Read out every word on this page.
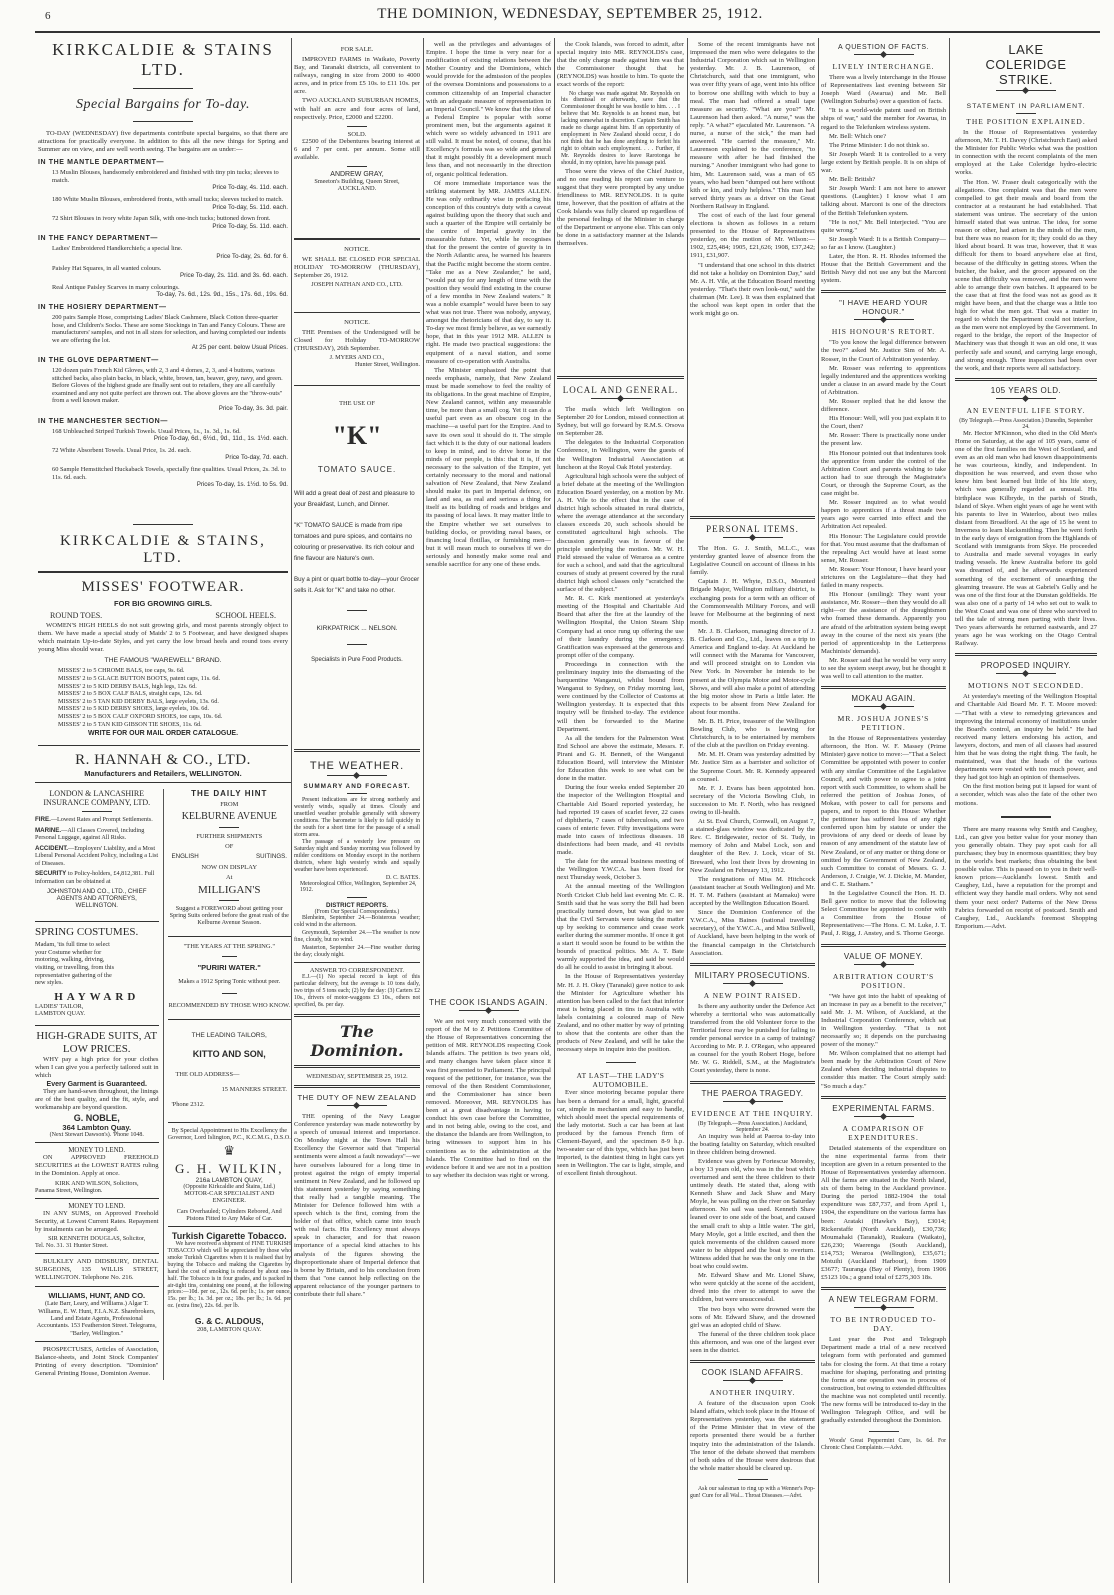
6	THE DOMINION, WEDNESDAY, SEPTEMBER 25, 1912.
KIRKCALDIE & STAINS LTD.
Special Bargains for To-day.

TO-DAY (WEDNESDAY) five departments contribute special bargains, so that there are attractions for practically everyone. In addition to this all the new things for Spring and Summer are on view, and are well worth seeing. The bargains are as under:—

IN THE MANTLE DEPARTMENT—
13 Muslin Blouses, handsomely embroidered and finished with tiny pin tucks; sleeves to match.
Price To-day, 4s. 11d. each.
180 White Muslin Blouses, embroidered fronts, with small tucks; sleeves tucked to match.
Price To-day, 5s. 11d. each.
72 Shirt Blouses in ivory white Japan Silk, with one-inch tucks; buttoned down front.
Price To-day, 5s. 11d. each.
IN THE FANCY DEPARTMENT—
Ladies' Embroidered Handkerchiefs; a special line.
Price To-day, 2s. 6d. for 6.
Paisley Hat Squares, in all wanted colours.
Price To-day, 2s. 11d. and 3s. 6d. each.
Real Antique Paisley Scarves in many colourings.
To-day, 7s. 6d., 12s. 9d., 15s., 17s. 6d., 19s. 6d.
IN THE HOSIERY DEPARTMENT—
200 pairs Sample Hose, comprising Ladies' Black Cashmere, Black Cotton three-quarter hose, and Children's Socks. These are some Stockings in Tan and Fancy Colours. These are manufacturers' samples, and not in all sizes for selection, and having completed our indents we are offering the lot.
At 25 per cent. below Usual Prices.
IN THE GLOVE DEPARTMENT—
120 dozen pairs French Kid Gloves, with 2, 3 and 4 domes, 2, 3, and 4 buttons, various stitched backs, also plain backs, in black, white, brown, tan, beaver, grey, navy, and green. Before Gloves of the highest grade are finally sent out to retailers, they are all carefully examined and any not quite perfect are thrown out. The above gloves are the "throw-outs" from a well known maker.
Price To-day, 3s. 3d. pair.
IN THE MANCHESTER SECTION—
168 Unbleached Striped Turkish Towels. Usual Prices, 1s., 1s. 3d., 1s. 6d.
Price To-day, 6d., 6½d., 9d., 11d., 1s. 1½d. each.
72 White Absorbent Towels. Usual Price, 1s. 2d. each.
Price To-day, 7d. each.
60 Sample Hemstitched Huckaback Towels, specially fine qualities. Usual Prices, 2s. 3d. to 11s. 6d. each.
Prices To-day, 1s. 1½d. to 5s. 9d.
KIRKCALDIE & STAINS, LTD.
MISSES' FOOTWEAR.
FOR BIG GROWING GIRLS.
ROUND TOES.	SCHOOL HEELS.

WOMEN'S HIGH HEELS do not suit growing girls, and most parents strongly object to them. We have made a special study of Maids' 2 to 5 Footwear, and have designed shapes which maintain Up-to-date Styles, and yet carry the low broad heels and round toes every young Miss should wear.

THE FAMOUS "WAREWELL" BRAND.
MISSES' 2 to 5 CHROME BALS, toe caps, 9s. 6d.
MISSES' 2 to 5 GLACE BUTTON BOOTS, patent caps, 11s. 6d.
MISSES' 2 to 5 KID DERBY BALS, high legs, 12s. 6d.
MISSES' 2 to 5 BOX CALF BALS, straight caps, 12s. 6d.
MISSES' 2 to 5 TAN KID DERBY BALS, large eyelets, 13s. 6d.
MISSES' 2 to 5 KID DERBY SHOES, large eyelets, 10s. 6d.
MISSES' 2 to 5 BOX CALF OXFORD SHOES, toe caps, 10s. 6d.
MISSES' 2 to 5 TAN KID GIBSON TIE SHOES, 11s. 6d.
WRITE FOR OUR MAIL ORDER CATALOGUE.
R. HANNAH & CO., LTD.
Manufacturers and Retailers, WELLINGTON.
LONDON & LANCASHIRE
INSURANCE COMPANY, LTD.
FIRE.—Lowest Rates and Prompt Settlements.
MARINE.—All Classes Covered, including Personal Luggage, against All Risks.
ACCIDENT.—Employers' Liability, and a Most Liberal Personal Accident Policy, including a List of Diseases.
SECURITY to Policy-holders, £4,812,381. Full information can be obtained at
JOHNSTON AND CO., LTD., CHIEF AGENTS AND ATTORNEYS, WELLINGTON.
SPRING COSTUMES.
Madam, 'tis full time to select your Costume whether for motoring, walking, driving, visiting, or travelling, from this representative gathering of the new styles.
HAYWARD
LADIES' TAILOR,
LAMBTON QUAY.
HIGH-GRADE SUITS, AT LOW PRICES.

WHY pay a high price for your clothes when I can give you a perfectly tailored suit in which

Every Garment is Guaranteed.

They are hand-sewn throughout, the linings are of the best quality, and the fit, style, and workmanship are beyond question.

G. NOBLE,
364 Lambton Quay.
(Next Stewart Dawson's). 'Phone 1048.
MONEY TO LEND.

ON APPROVED FREEHOLD SECURITIES at the LOWEST RATES ruling in the Dominion. Apply at once.

KIRK AND WILSON, Solicitors,
Panama Street, Wellington.
MONEY TO LEND.

IN ANY SUMS, on Approved Freehold Security, at Lowest Current Rates. Repayment by instalments can be arranged.

SIR KENNETH DOUGLAS, Solicitor,
Tel. No. 31. 31 Hunter Street.

BULKLEY AND DIDSBURY, DENTAL SURGEONS, 135 WILLIS STREET, WELLINGTON. Telephone No. 216.

WILLIAMS, HUNT, AND CO.
(Late Barr, Leary, and Williams.) Algar T. Williams, E. W. Hunt, F.I.A.N.Z. Sharebrokers, Land and Estate Agents, Professional Accountants. 153 Featherston Street. Telegrams, "Barley, Wellington."

PROSPECTUSES, Articles of Association, Balance-sheets, and Joint Stock Companies' Printing of every description. "Dominion" General Printing House, Dominion Avenue.

THE DAILY HINT
FROM
KELBURNE AVENUE
FURTHER SHIPMENTS
OF
ENGLISH	SUITINGS.
NOW ON DISPLAY
At
MILLIGAN'S
Suggest a FOREWORD about getting your Spring Suits ordered before the great rush of the Kelburne Avenue Season.
"THE YEARS AT THE SPRING."
"PURIRI WATER."
Makes a 1912 Spring Tonic without peer.
RECOMMENDED BY THOSE WHO KNOW.
THE LEADING TAILORS,
KITTO AND SON,
THE OLD ADDRESS—
15 MANNERS STREET.
'Phone 2312.
By Special Appointment to His Excellency the Governor, Lord Islington, P.C., K.C.M.G., D.S.O.
♛
G. H. WILKIN,
216a LAMBTON QUAY,
(Opposite Kirkcaldie and Stains, Ltd.)
MOTOR-CAR SPECIALIST AND ENGINEER.
Cars Overhauled; Cylinders Rebored, And Pistons Fitted to Any Make of Car.
Turkish Cigarette Tobacco.

We have received a shipment of FINE TURKISH TOBACCO which will be appreciated by those who smoke Turkish Cigarettes when it is realised that by buying the Tobacco and making the Cigarettes by hand the cost of smoking is reduced by about one-half. The Tobacco is in four grades, and is packed in air-tight tins, containing one pound, at the following prices:—10d. per oz., 12s. 6d. per lb.; 1s. per ounce, 15s. per lb.; 1s. 3d. per oz.; 18s. per lb.; 1s. 6d. per oz. (extra fine), 22s. 6d. per lb.

G. & C. ALDOUS,
208, LAMBTON QUAY.
FOR SALE.

IMPROVED FARMS in Waikato, Poverty Bay, and Taranaki districts, all convenient to railways, ranging in size from 2000 to 4000 acres, and in price from £5 10s. to £11 10s. per acre.

TWO AUCKLAND SUBURBAN HOMES, with half an acre and four acres of land, respectively. Price, £2000 and £2200.

SOLD.

£2500 of the Debentures bearing interest at 6 and 7 per cent. per annum. Some still available.

ANDREW GRAY,
Smeeton's Building, Queen Street,
AUCKLAND.
NOTICE.

WE SHALL BE CLOSED FOR SPECIAL HOLIDAY TO-MORROW (THURSDAY), September 26, 1912.

JOSEPH NATHAN AND CO., LTD.
NOTICE.

THE Premises of the Undersigned will be Closed for Holiday TO-MORROW (THURSDAY), 26th September.

J. MYERS AND CO.,
Hunter Street, Wellington.
THE USE OF
"K"
TOMATO SAUCE.
Will add a great deal of zest and pleasure to your Breakfast, Lunch, and Dinner.
"K" TOMATO SAUCE is made from ripe tomatoes and pure spices, and contains no colouring or preservative. Its rich colour and fine flavour are Nature's own.
Buy a pint or quart bottle to-day—your Grocer sells it. Ask for "K" and take no other.
KIRKPATRICK ... NELSON.
Specialists in Pure Food Products.
THE WEATHER.
SUMMARY AND FORECAST.

Present indications are for strong northerly and westerly winds, squally at times. Cloudy and unsettled weather probable generally with showery conditions. The barometer is likely to fall quickly in the south for a short time for the passage of a small storm area.

The passage of a westerly low pressure on Saturday night and Sunday morning was followed by milder conditions on Monday except in the northern districts, where high westerly winds and squally weather have been experienced.

D. C. BATES.
Meteorological Office, Wellington, September 24, 1912.
DISTRICT REPORTS.
(From Our Special Correspondents.)

Blenheim, September 24.—Boisterous weather; cold wind in the afternoon.

Greymouth, September 24.—The weather is now fine, cloudy, but no wind.

Masterton, September 24.—Fine weather during the day; cloudy night.

ANSWER TO CORRESPONDENT.

E.J.—(1) No special record is kept of this particular delivery, but the average is 10 tons daily, two trips of 5 tons each; (2) by the day: (3) Carters £2 10s., drivers of motor-waggons £3 10s., others not specified, 8s. per day.

The Dominion.
WEDNESDAY, SEPTEMBER 25, 1912.
THE DUTY OF NEW ZEALAND

THE opening of the Navy League Conference yesterday was made noteworthy by a speech of unusual interest and importance. On Monday night at the Town Hall his Excellency the Governor said that "imperial sentiments were almost a fault nowadays"—we have ourselves laboured for a long time in protest against the reign of empty imperial sentiment in New Zealand, and he followed up this statement yesterday by saying something that really had a tangible meaning. The Minister for Defence followed him with a speech which is the first, coming from the holder of that office, which came into touch with real facts. His Excellency must always speak in character, and for that reason importance of a special kind attaches to his analysis of the figures showing the disproportionate share of Imperial defence that is borne by Britain, and to his conclusion from them that "one cannot help reflecting on the apparent reluctance of the younger partners to contribute their full share."

well as the privileges and advantages of Empire. I hope the time is very near for a modification of existing relations between the Mother Country and the Dominions, which would provide for the admission of the peoples of the oversea Dominions and possessions to a common citizenship of an Imperial character with an adequate measure of representation in an Imperial Council." We know that the idea of a Federal Empire is popular with some prominent men, but the arguments against it which were so widely advanced in 1911 are still valid. It must be noted, of course, that his Excellency's formula was so wide and general that it might possibly fit a development much less than, and not necessarily in the direction of, organic political federation.

Of more immediate importance was the striking statement by MR. JAMES ALLEN. He was only ordinarily wise in prefacing his conception of this country's duty with a caveat against building upon the theory that such and such a quarter of the Empire will certainly be the centre of Imperial gravity in the measurable future. Yet, while he recognises that for the present the centre of gravity is in the North Atlantic area, he warned his hearers that the Pacific might become the storm centre. "Take me as a New Zealander," he said, "would put up for any length of time with the position they would find existing in the course of a few months in New Zealand waters." It was a noble example" would have been to say what was not true. There was nobody, anyway, amongst the rhetoricians of that day, to say it. To-day we most firmly believe, as we earnestly hope, that in this year 1912 MR. ALLEN is right. He made two practical suggestions: the equipment of a naval station, and some measure of co-operation with Australia.

The Minister emphasized the point that needs emphasis, namely, that New Zealand must be made somehow to feel the reality of its obligations. In the great machine of Empire, New Zealand cannot, within any measurable time, be more than a small cog. Yet it can do a useful part even as an obscure cog in the machine—a useful part for the Empire. And to save its own soul it should do it. The simple fact which it is the duty of our national leaders to keep in mind, and to drive home in the minds of our people, is this: that it is, if not necessary to the salvation of the Empire, yet certainly necessary to the moral and national salvation of New Zealand, that New Zealand should make its part in Imperial defence, on land and sea, as real and serious a thing for itself as its building of roads and bridges and its passing of local laws. It may matter little to the Empire whether we set ourselves to building docks, or providing naval bases, or financing local flotillas, or furnishing men—but it will mean much to ourselves if we do seriously and honestly make some real and sensible sacrifice for any one of these ends.

THE COOK ISLANDS AGAIN.

We are not very much concerned with the report of the M to Z Petitions Committee of the House of Representatives concerning the petition of MR. REYNOLDS respecting Cook Islands affairs. The petition is two years old, and many changes have taken place since it was first presented to Parliament. The principal request of the petitioner, for instance, was the removal of the then Resident Commissioner, and the Commissioner has since been removed. Moreover, MR. REYNOLDS has been at a great disadvantage in having to conduct his own case before the Committee, and in not being able, owing to the cost, and the distance the Islands are from Wellington, to bring witnesses to support him in his contentions as to the administration at the Islands. The Committee had to find on the evidence before it and we are not in a position to say whether its decision was right or wrong.

the Cook Islands, was forced to admit, after special inquiry into MR. REYNOLDS's case, that the only charge made against him was that the Commissioner thought that he (REYNOLDS) was hostile to him. To quote the exact words of the report:

No charge was made against Mr. Reynolds on his dismissal or afterwards, save that the Commissioner thought he was hostile to him. . . . I believe that Mr. Reynolds is an honest man, but lacking somewhat in discretion. Captain Smith has made no charge against him. If an opportunity of employment in New Zealand should occur, I do not think that he has done anything to forfeit his right to obtain such employment. . . . Further, if Mr. Reynolds desires to leave Rarotonga he should, in my opinion, have his passage paid.

Those were the views of the Chief Justice, and no one reading his report can venture to suggest that they were prompted by any undue friendliness to MR. REYNOLDS. It is quite time, however, that the position of affairs at the Cook Islands was fully cleared up regardless of the personal feelings of the Minister in charge of the Department or anyone else. This can only be done in a satisfactory manner at the Islands themselves.

LOCAL AND GENERAL.

The mails which left Wellington on September 20 for London, missed connection at Sydney, but will go forward by R.M.S. Orsova on September 28.

The delegates to the Industrial Corporation Conference, in Wellington, were the guests of the Wellington Industrial Association at luncheon at the Royal Oak Hotel yesterday.

Agricultural high schools were the subject of a brief debate at the meeting of the Wellington Education Board yesterday, on a motion by Mr. A. H. Vile to the effect that in the case of district high schools situated in rural districts, where the average attendance at the secondary classes exceeds 20, such schools should be constituted agricultural high schools. The discussion generally was in favour of the principle underlying the motion. Mr. W. H. Field stressed the value of Weraroa as a centre for such a school, and said that the agricultural courses of study at present covered by the rural district high school classes only "scratched the surface of the subject."

Mr. R. C. Kirk mentioned at yesterday's meeting of the Hospital and Charitable Aid Board that after the fire at the laundry of the Wellington Hospital, the Union Steam Ship Company had at once rung up offering the use of their laundry during the emergency. Gratification was expressed at the generous and prompt offer of the company.

Proceedings in connection with the preliminary inquiry into the dismasting of the barquentine Wanganui, whilst bound from Wanganui to Sydney, on Friday morning last, were continued by the Collector of Customs at Wellington yesterday. It is expected that this inquiry will be finished to-day. The evidence will then be forwarded to the Marine Department.

As all the tenders for the Palmerston West End School are above the estimate, Messrs. F. Pirani and G. H. Bennett, of the Wanganui Education Board, will interview the Minister for Education this week to see what can be done in the matter.

During the four weeks ended September 20 the inspector of the Wellington Hospital and Charitable Aid Board reported yesterday, he had reported 19 cases of scarlet fever, 22 cases of diphtheria, 7 cases of tuberculosis, and two cases of enteric fever. Fifty investigations were made into cases of infectious diseases. 18 disinfections had been made, and 41 revisits made.

The date for the annual business meeting of the Wellington Y.W.C.A. has been fixed for next Thursday week, October 3.

At the annual meeting of the Wellington North Cricket Club held last evening Mr. C. R. Smith said that he was sorry the Bill had been practically turned down, but was glad to see that the Civil Servants were taking the matter up by seeking to commence and cease work earlier during the summer months. If once it got a start it would soon be found to be within the bounds of practical politics. Mr. A. T. Bate warmly supported the idea, and said he would do all he could to assist in bringing it about.

In the House of Representatives yesterday Mr. H. J. H. Okey (Taranaki) gave notice to ask the Minister for Agriculture whether his attention has been called to the fact that inferior meat is being placed in tins in Australia with labels containing a coloured map of New Zealand, and no other matter by way of printing to show that the contents are other than the products of New Zealand, and will he take the necessary steps in inquire into the position.

AT LAST—THE LADY'S AUTOMOBILE.

Ever since motoring became popular there has been a demand for a small, light, graceful car, simple in mechanism and easy to handle, which should meet the special requirements of the lady motorist. Such a car has been at last produced by the famous French firm of Clement-Bayard, and the specimen 8-9 h.p. two-seater car of this type, which has just been imported, is the daintiest thing in light cars yet seen in Wellington. The car is light, simple, and of excellent finish throughout.

Some of the recent immigrants have not impressed the men who were delegates to the Industrial Corporation which sat in Wellington yesterday. Mr. J. B. Laurenson, of Christchurch, said that one immigrant, who was over fifty years of age, went into his office to borrow one shilling with which to buy a meal. The man had offered a small tape measure as security. "What are you?" Mr. Laurenson had then asked. "A nurse," was the reply. "A what?" ejaculated Mr. Laurenson. "A nurse, a nurse of the sick," the man had answered. "He carried the measure," Mr. Laurenson explained to the conference, "to measure with after he had finished the nursing." Another immigrant who had gone to him, Mr. Laurenson said, was a man of 65 years, who had been "dumped out here without kith or kin, and truly helpless." This man had served thirty years as a driver on the Great Northern Railway in England.

The cost of each of the last four general elections is shown as follows in a return presented to the House of Representatives yesterday, on the motion of Mr. Wilson:—1902, £25,484; 1905, £21,626; 1908, £37,242; 1911, £31,907.

"I understand that one school in this district did not take a holiday on Dominion Day," said Mr. A. H. Vile, at the Education Board meeting yesterday. "That's their own look-out," said the chairman (Mr. Lee). It was then explained that the school was kept open in order that the work might go on.

PERSONAL ITEMS.

The Hon. G. J. Smith, M.L.C., was yesterday granted leave of absence from the Legislative Council on account of illness in his family.

Captain J. H. Whyte, D.S.O., Mounted Brigade Major, Wellington military district, is exchanging posts for a term with an officer of the Commonwealth Military Forces, and will leave for Melbourne at the beginning of next month.

Mr. J. B. Clarkson, managing director of J. B. Clarkson and Co., Ltd., leaves on a trip to America and England to-day. At Auckland he will connect with the Marama for Vancouver, and will proceed straight on to London via New York. In November he intends to be present at the Olympia Motor and Motor-cycle Shows, and will also make a point of attending the big motor show in Paris a little later. He expects to be absent from New Zealand for about four months.

Mr. B. H. Price, treasurer of the Wellington Bowling Club, who is leaving for Christchurch, is to be entertained by members of the club at the pavilion on Friday evening.

Mr. M. H. Oram was yesterday admitted by Mr. Justice Sim as a barrister and solicitor of the Supreme Court. Mr. R. Kennedy appeared as counsel.

Mr. F. J. Evans has been appointed hon. secretary of the Victoria Bowling Club, in succession to Mr. F. North, who has resigned owing to ill-health.

At St. Eval Church, Cornwall, on August 7, a stained-glass window was dedicated by the Rev. C. Bridgewater, rector of St. Tudy, in memory of John and Mabel Lock, son and daughter of the Rev. J. Lock, vicar of St. Breward, who lost their lives by drowning in New Zealand on February 13, 1912.

The resignations of Miss M. Hitchcock (assistant teacher at South Wellington) and Mr. H. T. M. Fathers (assistant at Mamaku) were accepted by the Wellington Education Board.

Since the Dominion Conference of the Y.W.C.A., Miss Baines (national travelling secretary), of the Y.W.C.A., and Miss Stillwell, of Auckland, have been helping in the work of the financial campaign in the Christchurch Association.

MILITARY PROSECUTIONS.
A NEW POINT RAISED.

Is there any authority under the Defence Act whereby a territorial who was automatically transferred from the old Volunteer force to the Territorial force may be punished for failing to render personal service in a camp of training? According to Mr. P. J. O'Regan, who appeared as counsel for the youth Robert Hoge, before Mr. W. G. Riddell, S.M., at the Magistrate's Court yesterday, there is none.

THE PAEROA TRAGEDY.
EVIDENCE AT THE INQUIRY.
(By Telegraph.—Press Association.) Auckland, September 24.

An inquiry was held at Paeroa to-day into the boating fatality on Saturday, which resulted in three children being drowned.

Evidence was given by Fortescue Moresby, a boy 13 years old, who was in the boat which overturned and sent the three children to their untimely death. He stated that, along with Kenneth Shaw and Jack Shaw and Mary Moyle, he was pulling on the river on Saturday afternoon. No sail was used. Kenneth Shaw leaned over to one side of the boat, and caused the small craft to ship a little water. The girl, Mary Moyle, got a little excited, and then the quick movements of the children caused more water to be shipped and the boat to overturn. Witness added that he was the only one in the boat who could swim.

Mr. Edward Shaw and Mr. Lionel Shaw, who were quickly at the scene of the accident, dived into the river to attempt to save the children, but were unsuccessful.

The two boys who were drowned were the sons of Mr. Edward Shaw, and the drowned girl was an adopted child of Shaw.

The funeral of the three children took place this afternoon, and was one of the largest ever seen in the district.

COOK ISLAND AFFAIRS.
ANOTHER INQUIRY.

A feature of the discussion upon Cook Island affairs, which took place in the House of Representatives yesterday, was the statement of the Prime Minister that in view of the reports presented there would be a further inquiry into the administration of the Islands. The tenor of the debate showed that members of both sides of the House were desirous that the whole matter should be cleared up.

Ask our salesman to ring up with a Wenner's Pop-gun! Cure for all Wal... Throat Diseases.—Advt.

A QUESTION OF FACTS.
LIVELY INTERCHANGE.

There was a lively interchange in the House of Representatives last evening between Sir Joseph Ward (Awarua) and Mr. Bell (Wellington Suburbs) over a question of facts.

"It is a world-wide patent used on British ships of war," said the member for Awarua, in regard to the Telefunken wireless system.

Mr. Bell: Which one?

The Prime Minister: I do not think so.

Sir Joseph Ward: It is controlled to a very large extent by British people. It is on ships of war.

Mr. Bell: British?

Sir Joseph Ward: I am not here to answer questions. (Laughter.) I know what I am talking about. Marconi is one of the directors of the British Telefunken system.

"He is not," Mr. Bell interjected. "You are quite wrong."

Sir Joseph Ward: It is a British Company—so far as I know. (Laughter.)

Later, the Hon. R. H. Rhodes informed the House that the British Government and the British Navy did not use any but the Marconi system.

"I HAVE HEARD YOUR HONOUR."
HIS HONOUR'S RETORT.

"To you know the legal difference between the two?" asked Mr. Justice Sim of Mr. A. Rosser, in the Court of Arbitration yesterday.

Mr. Rosser was referring to apprentices legally indentured and the apprentices working under a clause in an award made by the Court of Arbitration.

Mr. Rosser replied that he did know the difference.

His Honour: Well, will you just explain it to the Court, then?

Mr. Rosser: There is practically none under the present law.

His Honour pointed out that indentures took the apprentice from under the control of the Arbitration Court and parents wishing to take action had to sue through the Magistrate's Court, or through the Supreme Court, as the case might be.

Mr. Rosser inquired as to what would happen to apprentices if a threat made two years ago were carried into effect and the Arbitration Act repealed.

His Honour: The Legislature could provide for that. You must assume that the draftsman of the repealing Act would have at least some sense, Mr. Rosser.

Mr. Rosser: Your Honour, I have heard your strictures on the Legislature—that they had failed in many respects.

His Honour (smiling): They want your assistance, Mr. Rosser—then they would do all right—or the assistance of the draughtsmen who framed these demands. Apparently you are afraid of the arbitration system being swept away in the course of the next six years (the period of apprenticeship in the Letterpress Machinists' demands).

Mr. Rosser said that he would be very sorry to see the system swept away, but he thought it was well to call attention to the matter.

MOKAU AGAIN.
MR. JOSHUA JONES'S PETITION.

In the House of Representatives yesterday afternoon, the Hon. W. F. Massey (Prime Minister) gave notice to move:—"That a Select Committee be appointed with power to confer with any similar Committee of the Legislative Council, and with power to agree to a joint report with such Committee, to whom shall be referred the petition of Joshua Jones, of Mokau, with power to call for persons and papers, and to report to this House: Whether the petitioner has suffered loss of any right conferred upon him by statute or under the provisions of any deed or deeds of lease by reason of any amendment of the statute law of New Zealand, or of any matter or thing done or omitted by the Government of New Zealand, such Committee to consist of Messrs. G. J. Anderson, J. Craigie, W. J. Dickie, M. Mander, and C. E. Statham."

In the Legislative Council the Hon. H. D. Bell gave notice to move that the following Select Committee be appointed to confer with a Committee from the House of Representatives:—The Hons. C. M. Luke, J. T. Paul, J. Rigg, J. Anstey, and S. Thorne George.

VALUE OF MONEY.
ARBITRATION COURT'S POSITION.

"We have got into the habit of speaking of an increase in pay as a benefit to the receiver," said Mr. J. M. Wilson, of Auckland, at the Industrial Corporation Conference, which sat in Wellington yesterday. "That is not necessarily so; it depends on the purchasing power of the money."

Mr. Wilson complained that no attempt had been made by the Arbitration Court of New Zealand when deciding industrial disputes to consider this matter. The Court simply said: "So much a day."

EXPERIMENTAL FARMS.
A COMPARISON OF EXPENDITURES.

Detailed statements of the expenditure on the nine experimental farms from their inception are given in a return presented to the House of Representatives yesterday afternoon. All the farms are situated in the North Island, six of them being in the Auckland province. During the period 1882-1904 the total expenditure was £87,737, and from April 1, 1904, the expenditure on the various farms has been: Arataki (Hawke's Bay), £3014; Rickerstaffe (North Auckland), £30,736; Moumahaki (Taranaki), Ruakura (Waikato), £26,230; Waerenga (South Auckland), £14,753; Weraroa (Wellington), £35,671; Motuihi (Auckland Harbour), from 1909 £3677; Tauranga (Bay of Plenty), from 1906 £5123 10s.; a grand total of £275,303 18s.

A NEW TELEGRAM FORM.
TO BE INTRODUCED TO-DAY.

Last year the Post and Telegraph Department made a trial of a new received telegram form with perforated and gummed tabs for closing the form. At that time a rotary machine for shaping, perforating and printing the forms at one operation was in process of construction, but owing to extended difficulties the machine was not completed until recently. The new forms will be introduced to-day in the Wellington Telegraph Office, and will be gradually extended throughout the Dominion.

Woods' Great Peppermint Cure, 1s. 6d. For Chronic Chest Complaints.—Advt.

LAKE COLERIDGE STRIKE.
STATEMENT IN PARLIAMENT.
THE POSITION EXPLAINED.

In the House of Representatives yesterday afternoon, Mr. T. H. Davey (Christchurch East) asked the Minister for Public Works what was the position in connection with the recent complaints of the men employed at the Lake Coleridge hydro-electric works.

The Hon. W. Fraser dealt categorically with the allegations. One complaint was that the men were compelled to get their meals and board from the contractor at a restaurant he had established. That statement was untrue. The secretary of the union himself stated that was untrue. The idea, for some reason or other, had arisen in the minds of the men, but there was no reason for it; they could do as they liked about board. It was true, however, that it was difficult for them to board anywhere else at first, because of the difficulty in getting stores. When the butcher, the baker, and the grocer appeared on the scene that difficulty was removed, and the men were able to arrange their own batches. It appeared to be the case that at first the food was not as good as it might have been, and that the charge was a little too high for what the men got. That was a matter in regard to which the Department could not interfere, as the men were not employed by the Government. In regard to the bridge, the report of the Inspector of Machinery was that though it was an old one, it was perfectly safe and sound, and carrying large enough, and strong enough. Three inspectors had been over the work, and their reports were all satisfactory.

105 YEARS OLD.
AN EVENTFUL LIFE STORY.
(By Telegraph.—Press Association.) Dunedin, September 24.

Mr. Hector M'Kinnon, who died in the Old Men's Home on Saturday, at the age of 105 years, came of one of the first families on the West of Scotland, and even as an old man who had known disappointments he was courteous, kindly, and independent. In disposition he was reserved, and even those who knew him best learned but little of his life story, which was generally regarded as unusual. His birthplace was Kilbryde, in the parish of Strath, Island of Skye. When eight years of age he went with his parents to live in Waterloo, about two miles distant from Broadford. At the age of 15 he went to Inverness to learn blacksmithing. Then he went forth in the early days of emigration from the Highlands of Scotland with immigrants from Skye. He proceeded to Australia and made several voyages in early trading vessels. He knew Australia before its gold was dreamed of, and he afterwards experienced something of the excitement of unearthing the gleaming treasure. He was at Gabriel's Gully and he was one of the first four at the Dunstan goldfields. He was also one of a party of 14 who set out to walk to the West Coast and was one of three who survived to tell the tale of strong men parting with their lives. Two years afterwards he returned eastwards, and 27 years ago he was working on the Otago Central Railway.

PROPOSED INQUIRY.
MOTIONS NOT SECONDED.

At yesterday's meeting of the Wellington Hospital and Charitable Aid Board Mr. F. T. Moore moved:—"That with a view to remedying grievances and improving the internal economy of institutions under the Board's control, an inquiry be held." He had received many letters endorsing his action, and lawyers, doctors, and men of all classes had assured him that he was doing the right thing. The fault, he maintained, was that the heads of the various departments were vested with too much power, and they had got too high an opinion of themselves.

On the first motion being put it lapsed for want of a seconder, which was also the fate of the other two motions.

There are many reasons why Smith and Caughey, Ltd., can give you better value for your money than you generally obtain. They pay spot cash for all purchases; they buy in enormous quantities; they buy in the world's best markets; thus obtaining the best possible value. This is passed on to you in their well-known prices—Auckland's lowest. Smith and Caughey, Ltd., have a reputation for the prompt and efficient way they handle mail orders. Why not send them your next order? Patterns of the New Dress Fabrics forwarded on receipt of postcard. Smith and Caughey, Ltd., Auckland's foremost Shopping Emporium.—Advt.
